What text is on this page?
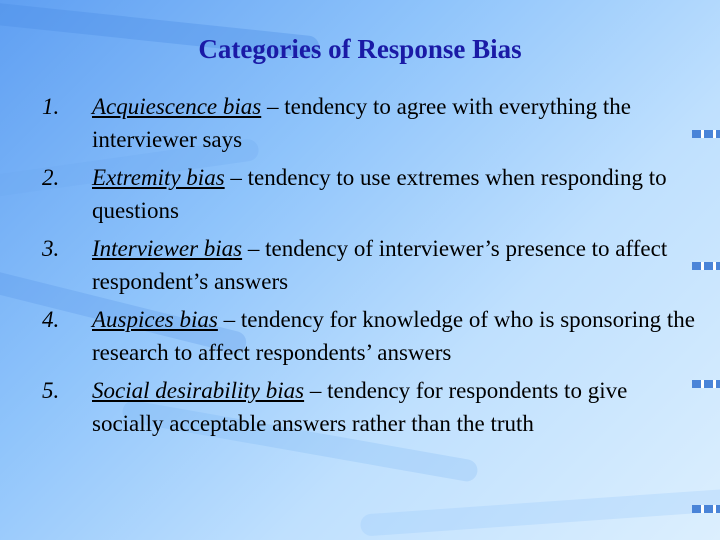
Categories of Response Bias
1. Acquiescence bias – tendency to agree with everything the interviewer says
2. Extremity bias – tendency to use extremes when responding to questions
3. Interviewer bias – tendency of interviewer’s presence to affect respondent’s answers
4. Auspices bias – tendency for knowledge of who is sponsoring the research to affect respondents’ answers
5. Social desirability bias – tendency for respondents to give socially acceptable answers rather than the truth
